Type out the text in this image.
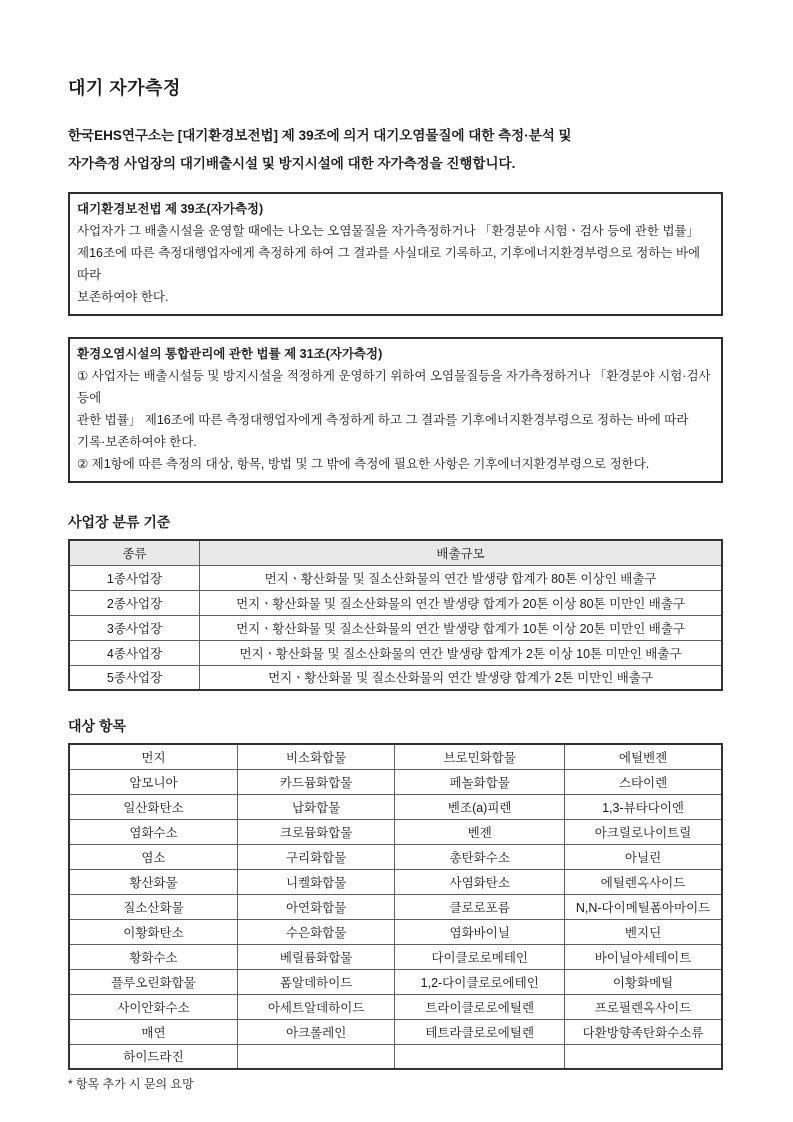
대기 자가측정
한국EHS연구소는 [대기환경보전법] 제 39조에 의거 대기오염물질에 대한 측정·분석 및
자가측정 사업장의 대기배출시설 및 방지시설에 대한 자가측정을 진행합니다.
대기환경보전법 제 39조(자가측정)
사업자가 그 배출시설을 운영할 때에는 나오는 오염물질을 자가측정하거나 「환경분야 시험ㆍ검사 등에 관한 법률」
제16조에 따른 측정대행업자에게 측정하게 하여 그 결과를 사실대로 기록하고, 기후에너지환경부령으로 정하는 바에 따라
보존하여야 한다.
환경오염시설의 통합관리에 관한 법률 제 31조(자가측정)
① 사업자는 배출시설등 및 방지시설을 적정하게 운영하기 위하여 오염물질등을 자가측정하거나 「환경분야 시험·검사 등에
관한 법률」 제16조에 따른 측정대행업자에게 측정하게 하고 그 결과를 기후에너지환경부령으로 정하는 바에 따라
기록·보존하여야 한다.
② 제1항에 따른 측정의 대상, 항목, 방법 및 그 밖에 측정에 필요한 사항은 기후에너지환경부령으로 정한다.
사업장 분류 기준
종류	배출규모
1종사업장	먼지ㆍ황산화물 및 질소산화물의 연간 발생량 합계가 80톤 이상인 배출구
2종사업장	먼지ㆍ황산화물 및 질소산화물의 연간 발생량 합계가 20톤 이상 80톤 미만인 배출구
3종사업장	먼지ㆍ황산화물 및 질소산화물의 연간 발생량 합계가 10톤 이상 20톤 미만인 배출구
4종사업장	먼지ㆍ황산화물 및 질소산화물의 연간 발생량 합계가 2톤 이상 10톤 미만인 배출구
5종사업장	먼지ㆍ황산화물 및 질소산화물의 연간 발생량 합계가 2톤 미만인 배출구
대상 항목
먼지	비소화합물	브로민화합물	에틸벤젠
암모니아	카드뮴화합물	페놀화합물	스타이렌
일산화탄소	납화합물	벤조(a)피렌	1,3-뷰타다이엔
염화수소	크로뮴화합물	벤젠	아크릴로나이트릴
염소	구리화합물	총탄화수소	아닐린
황산화물	니켈화합물	사염화탄소	에틸렌옥사이드
질소산화물	아연화합물	클로로포름	N,N-다이메틸폼아마이드
이황화탄소	수은화합물	염화바이닐	벤지딘
황화수소	베릴륨화합물	다이클로로메테인	바이닐아세테이트
플루오린화합물	폼알데하이드	1,2-다이클로로에테인	이황화메틸
사이안화수소	아세트알데하이드	트라이클로로에틸렌	프로필렌옥사이드
매연	아크롤레인	테트라클로로에틸렌	다환방향족탄화수소류
하이드라진			
* 항목 추가 시 문의 요망
